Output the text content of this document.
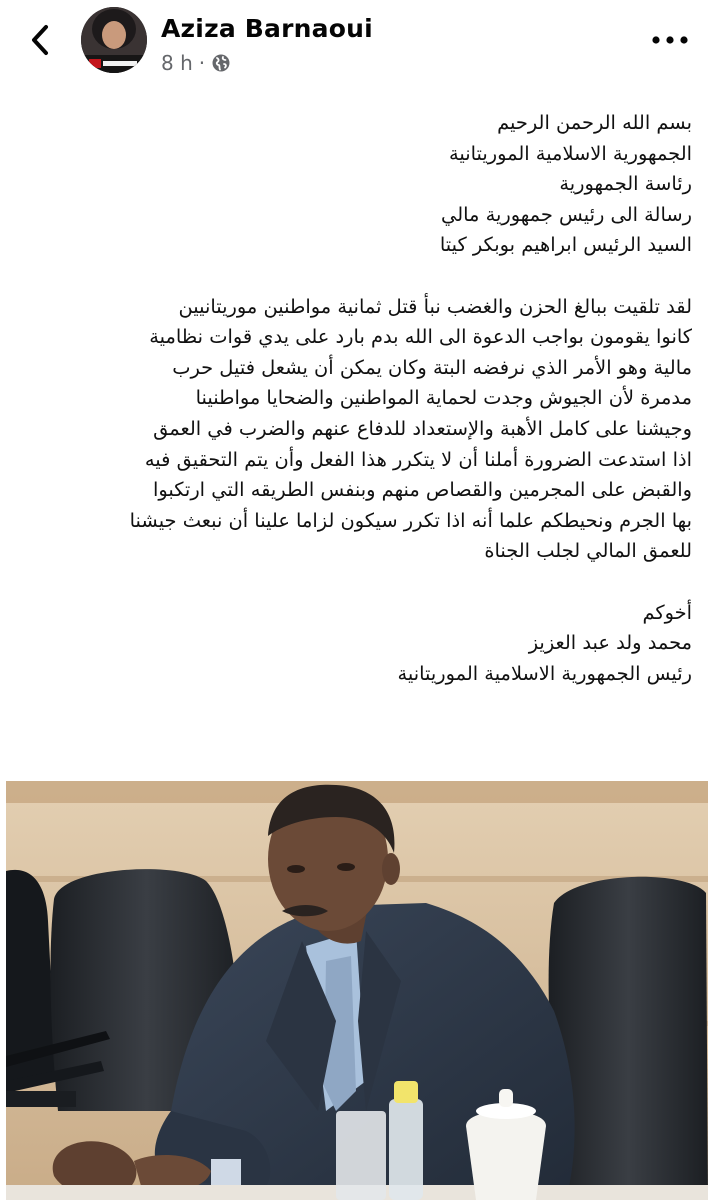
Aziza Barnaoui
8 h ·
بسم الله الرحمن الرحيم
الجمهورية الاسلامية الموريتانية
رئاسة الجمهورية
رسالة الى رئيس جمهورية مالي
السيد الرئيس ابراهيم بوبكر كيتا
لقد تلقيت ببالغ الحزن والغضب نبأ قتل ثمانية مواطنين موريتانيين
كانوا يقومون بواجب الدعوة الى الله بدم بارد على يدي قوات نظامية
مالية وهو الأمر الذي نرفضه البتة وكان يمكن أن يشعل فتيل حرب
مدمرة لأن الجيوش وجدت لحماية المواطنين والضحايا مواطنينا
وجيشنا على كامل الأهبة والإستعداد للدفاع عنهم والضرب في العمق
اذا استدعت الضرورة أملنا أن لا يتكرر هذا الفعل وأن يتم التحقيق فيه
والقبض على المجرمين والقصاص منهم وبنفس الطريقه التي ارتكبوا
بها الجرم ونحيطكم علما أنه اذا تكرر سيكون لزاما علينا أن نبعث جيشنا
للعمق المالي لجلب الجناة
أخوكم
محمد ولد عبد العزيز
رئيس الجمهورية الاسلامية الموريتانية
